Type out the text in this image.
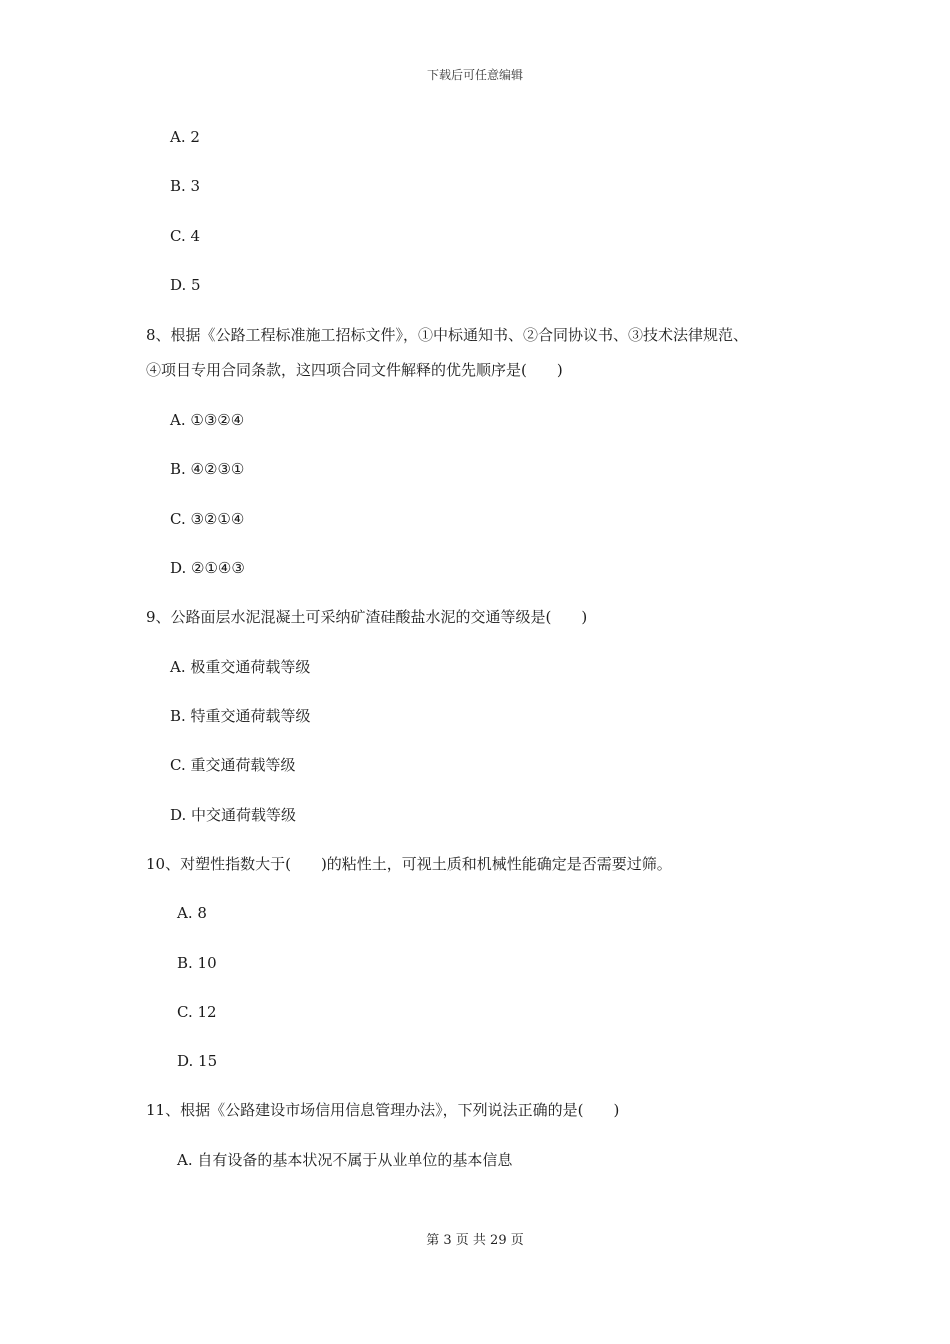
下载后可任意编辑
A. 2
B. 3
C. 4
D. 5
8、根据《公路工程标准施工招标文件》，①中标通知书、②合同协议书、③技术法律规范、
④项目专用合同条款，这四项合同文件解释的优先顺序是(　　)
A. ①③②④
B. ④②③①
C. ③②①④
D. ②①④③
9、公路面层水泥混凝土可采纳矿渣硅酸盐水泥的交通等级是(　　)
A. 极重交通荷载等级
B. 特重交通荷载等级
C. 重交通荷载等级
D. 中交通荷载等级
10、对塑性指数大于(　　)的粘性土，可视土质和机械性能确定是否需要过筛。
A. 8
B. 10
C. 12
D. 15
11、根据《公路建设市场信用信息管理办法》，下列说法正确的是(　　)
A. 自有设备的基本状况不属于从业单位的基本信息
第 3 页 共 29 页
